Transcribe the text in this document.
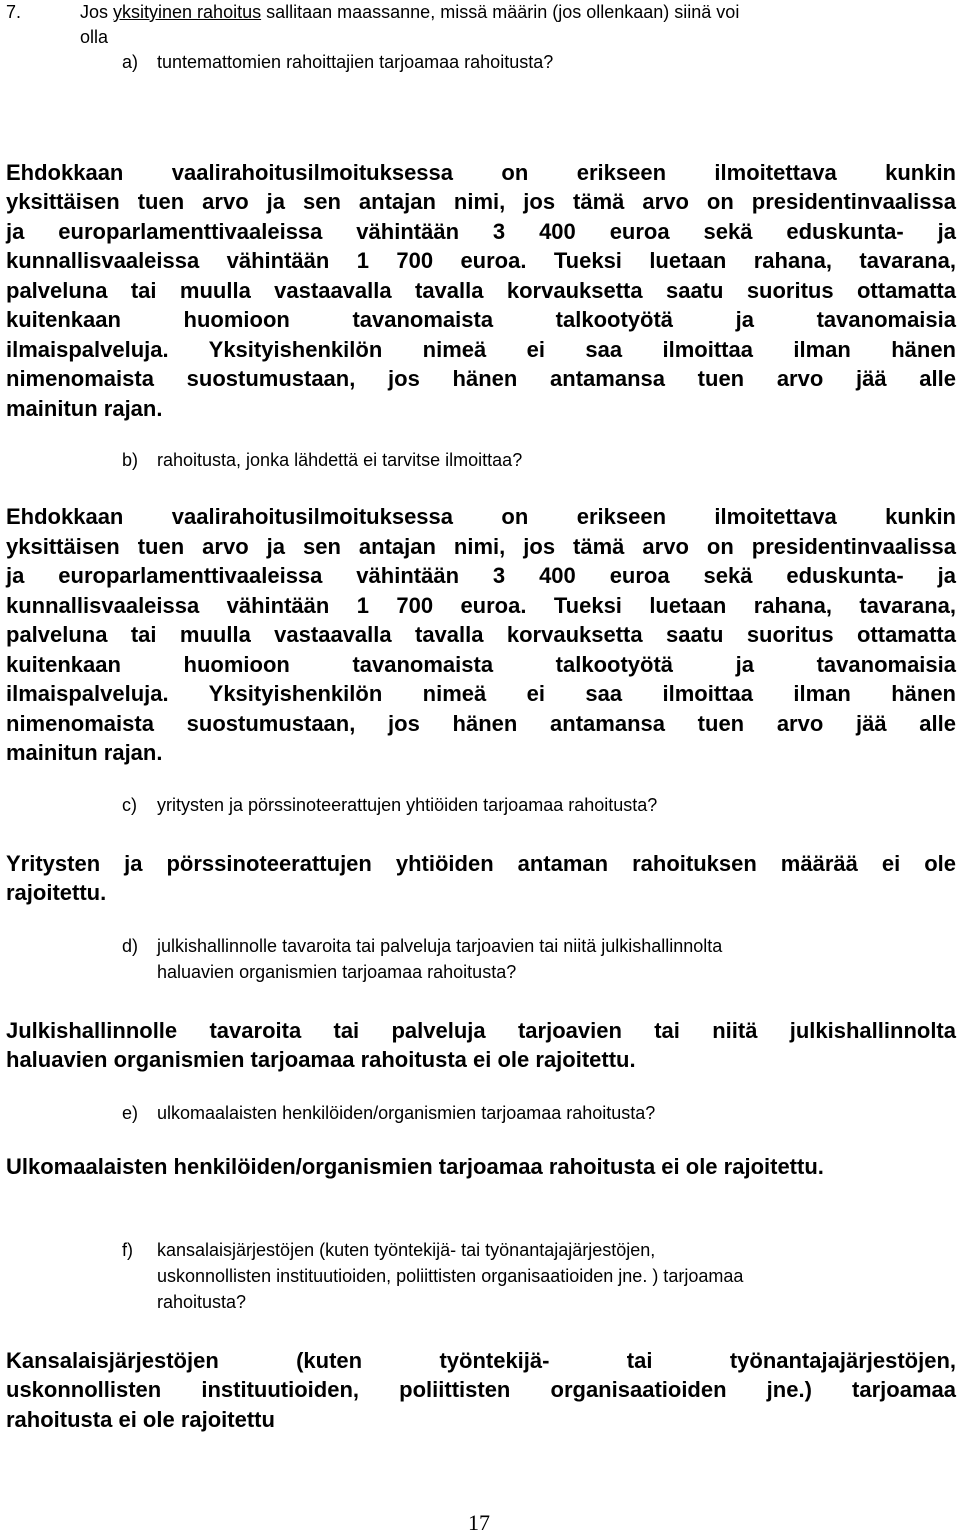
7.	Jos yksityinen rahoitus sallitaan maassanne, missä määrin (jos ollenkaan) siinä voi
olla
a) tuntemattomien rahoittajien tarjoamaa rahoitusta?
Ehdokkaan vaalirahoitusilmoituksessa on erikseen ilmoitettava kunkin
yksittäisen tuen arvo ja sen antajan nimi, jos tämä arvo on presidentinvaalissa
ja europarlamenttivaaleissa vähintään 3 400 euroa sekä eduskunta- ja
kunnallisvaaleissa vähintään 1 700 euroa. Tueksi luetaan rahana, tavarana,
palveluna tai muulla vastaavalla tavalla korvauksetta saatu suoritus ottamatta
kuitenkaan huomioon tavanomaista talkootyötä ja tavanomaisia
ilmaispalveluja. Yksityishenkilön nimeä ei saa ilmoittaa ilman hänen
nimenomaista suostumustaan, jos hänen antamansa tuen arvo jää alle
mainitun rajan.
b) rahoitusta, jonka lähdettä ei tarvitse ilmoittaa?
Ehdokkaan vaalirahoitusilmoituksessa on erikseen ilmoitettava kunkin
yksittäisen tuen arvo ja sen antajan nimi, jos tämä arvo on presidentinvaalissa
ja europarlamenttivaaleissa vähintään 3 400 euroa sekä eduskunta- ja
kunnallisvaaleissa vähintään 1 700 euroa. Tueksi luetaan rahana, tavarana,
palveluna tai muulla vastaavalla tavalla korvauksetta saatu suoritus ottamatta
kuitenkaan huomioon tavanomaista talkootyötä ja tavanomaisia
ilmaispalveluja. Yksityishenkilön nimeä ei saa ilmoittaa ilman hänen
nimenomaista suostumustaan, jos hänen antamansa tuen arvo jää alle
mainitun rajan.
c) yritysten ja pörssinoteerattujen yhtiöiden tarjoamaa rahoitusta?
Yritysten ja pörssinoteerattujen yhtiöiden antaman rahoituksen määrää ei ole
rajoitettu.
d) julkishallinnolle tavaroita tai palveluja tarjoavien tai niitä julkishallinnolta
haluavien organismien tarjoamaa rahoitusta?
Julkishallinnolle tavaroita tai palveluja tarjoavien tai niitä julkishallinnolta
haluavien organismien tarjoamaa rahoitusta ei ole rajoitettu.
e) ulkomaalaisten henkilöiden/organismien tarjoamaa rahoitusta?
Ulkomaalaisten henkilöiden/organismien tarjoamaa rahoitusta ei ole rajoitettu.
f) kansalaisjärjestöjen (kuten työntekijä- tai työnantajajärjestöjen,
uskonnollisten instituutioiden, poliittisten organisaatioiden jne. ) tarjoamaa
rahoitusta?
Kansalaisjärjestöjen (kuten työntekijä- tai työnantajajärjestöjen,
uskonnollisten instituutioiden, poliittisten organisaatioiden jne.) tarjoamaa
rahoitusta ei ole rajoitettu
17
